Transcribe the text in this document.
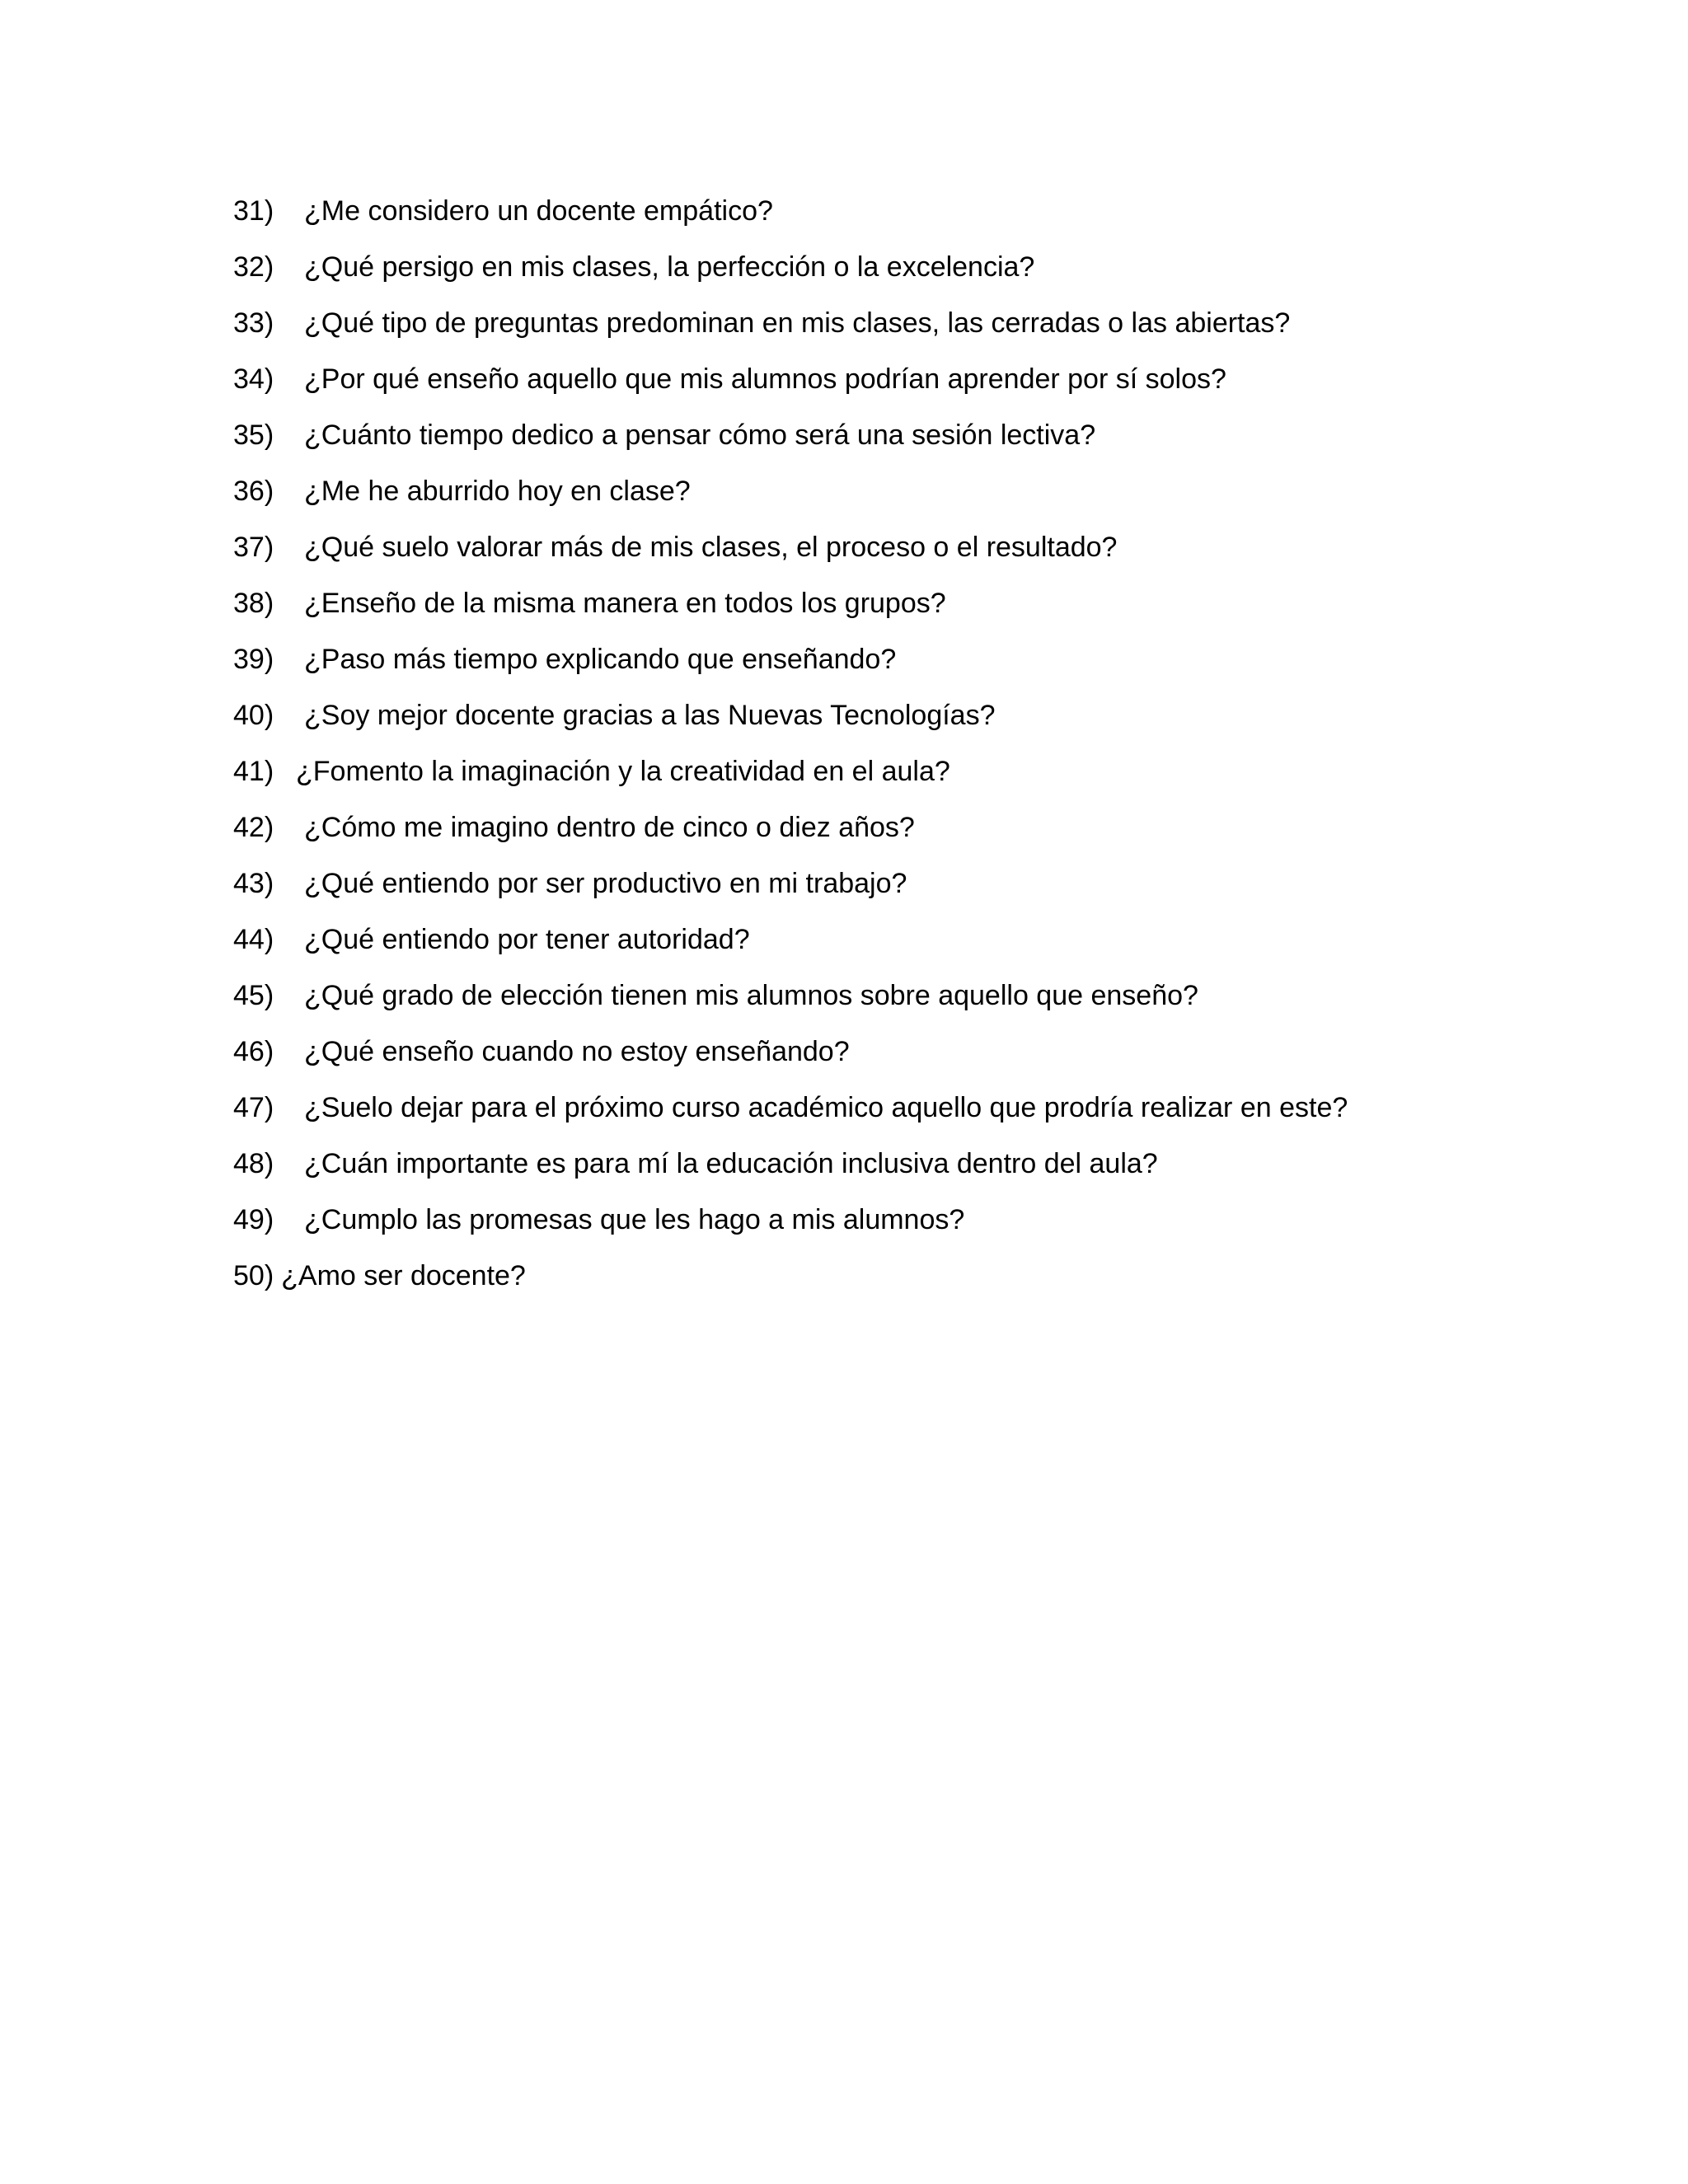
31) ¿Me considero un docente empático?
32) ¿Qué persigo en mis clases, la perfección o la excelencia?
33) ¿Qué tipo de preguntas predominan en mis clases, las cerradas o las abiertas?
34) ¿Por qué enseño aquello que mis alumnos podrían aprender por sí solos?
35) ¿Cuánto tiempo dedico a pensar cómo será una sesión lectiva?
36) ¿Me he aburrido hoy en clase?
37) ¿Qué suelo valorar más de mis clases, el proceso o el resultado?
38) ¿Enseño de la misma manera en todos los grupos?
39) ¿Paso más tiempo explicando que enseñando?
40) ¿Soy mejor docente gracias a las Nuevas Tecnologías?
41) ¿Fomento la imaginación y la creatividad en el aula?
42) ¿Cómo me imagino dentro de cinco o diez años?
43) ¿Qué entiendo por ser productivo en mi trabajo?
44) ¿Qué entiendo por tener autoridad?
45) ¿Qué grado de elección tienen mis alumnos sobre aquello que enseño?
46) ¿Qué enseño cuando no estoy enseñando?
47) ¿Suelo dejar para el próximo curso académico aquello que prodría realizar en este?
48) ¿Cuán importante es para mí la educación inclusiva dentro del aula?
49) ¿Cumplo las promesas que les hago a mis alumnos?
50) ¿Amo ser docente?
